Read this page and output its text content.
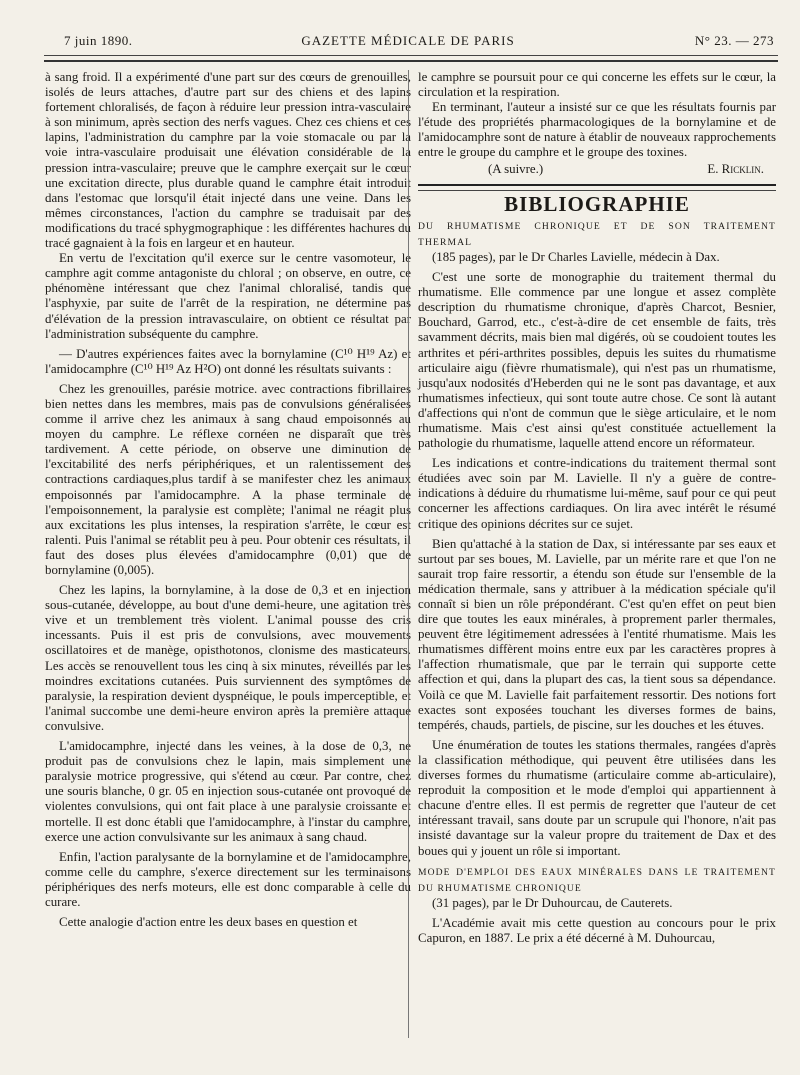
7 juin 1890.	GAZETTE MÉDICALE DE PARIS	N° 23. — 273

à sang froid. Il a expérimenté d'une part sur des cœurs de grenouilles, isolés de leurs attaches, d'autre part sur des chiens et des lapins fortement chloralisés, de façon à réduire leur pression intra-vasculaire à son minimum, après section des nerfs vagues. Chez ces chiens et ces lapins, l'administration du camphre par la voie stomacale ou par la voie intra-vasculaire produisait une élévation considérable de la pression intra-vasculaire; preuve que le camphre exerçait sur le cœur une excitation directe, plus durable quand le camphre était introduit dans l'estomac que lorsqu'il était injecté dans une veine. Dans les mêmes circonstances, l'action du camphre se traduisait par des modifications du tracé sphygmographique : les différentes hachures du tracé gagnaient à la fois en largeur et en hauteur.

En vertu de l'excitation qu'il exerce sur le centre vasomoteur, le camphre agit comme antagoniste du chloral ; on observe, en outre, ce phénomène intéressant que chez l'animal chloralisé, tandis que l'asphyxie, par suite de l'arrêt de la respiration, ne détermine pas d'élévation de la pression intravasculaire, on obtient ce résultat par l'administration subséquente du camphre.

— D'autres expériences faites avec la bornylamine (C¹⁰ H¹⁹ Az) et l'amidocamphre (C¹⁰ H¹⁹ Az H²O) ont donné les résultats suivants :

Chez les grenouilles, parésie motrice. avec contractions fibrillaires bien nettes dans les membres, mais pas de convulsions généralisées comme il arrive chez les animaux à sang chaud empoisonnés au moyen du camphre. Le réflexe cornéen ne disparaît que très tardivement. A cette période, on observe une diminution de l'excitabilité des nerfs périphériques, et un ralentissement des contractions cardiaques,plus tardif à se manifester chez les animaux empoisonnés par l'amidocamphre. A la phase terminale de l'empoisonnement, la paralysie est complète; l'animal ne réagit plus aux excitations les plus intenses, la respiration s'arrête, le cœur est ralenti. Puis l'animal se rétablit peu à peu. Pour obtenir ces résultats, il faut des doses plus élevées d'amidocamphre (0,01) que de bornylamine (0,005).

Chez les lapins, la bornylamine, à la dose de 0,3 et en injection sous-cutanée, développe, au bout d'une demi-heure, une agitation très vive et un tremblement très violent. L'animal pousse des cris incessants. Puis il est pris de convulsions, avec mouvements oscillatoires et de manège, opisthotonos, clonisme des masticateurs. Les accès se renouvellent tous les cinq à six minutes, réveillés par les moindres excitations cutanées. Puis surviennent des symptômes de paralysie, la respiration devient dyspnéique, le pouls imperceptible, et l'animal succombe une demi-heure environ après la première attaque convulsive.

L'amidocamphre, injecté dans les veines, à la dose de 0,3, ne produit pas de convulsions chez le lapin, mais simplement une paralysie motrice progressive, qui s'étend au cœur. Par contre, chez une souris blanche, 0 gr. 05 en injection sous-cutanée ont provoqué de violentes convulsions, qui ont fait place à une paralysie croissante et mortelle. Il est donc établi que l'amidocamphre, à l'instar du camphre, exerce une action convulsivante sur les animaux à sang chaud.

Enfin, l'action paralysante de la bornylamine et de l'amidocamphre, comme celle du camphre, s'exerce directement sur les terminaisons périphériques des nerfs moteurs, elle est donc comparable à celle du curare.

Cette analogie d'action entre les deux bases en question et

le camphre se poursuit pour ce qui concerne les effets sur le cœur, la circulation et la respiration.

En terminant, l'auteur a insisté sur ce que les résultats fournis par l'étude des propriétés pharmacologiques de la bornylamine et de l'amidocamphre sont de nature à établir de nouveaux rapprochements entre le groupe du camphre et le groupe des toxines.

(A suivre.)	E. Ricklin.
BIBLIOGRAPHIE

DU RHUMATISME CHRONIQUE ET DE SON TRAITEMENT THERMAL

(185 pages), par le Dr Charles Lavielle, médecin à Dax.

C'est une sorte de monographie du traitement thermal du rhumatisme. Elle commence par une longue et assez complète description du rhumatisme chronique, d'après Charcot, Besnier, Bouchard, Garrod, etc., c'est-à-dire de cet ensemble de faits, très savamment décrits, mais bien mal digérés, où se coudoient toutes les arthrites et péri-arthrites possibles, depuis les suites du rhumatisme articulaire aigu (fièvre rhumatismale), qui n'est pas un rhumatisme, jusqu'aux nodosités d'Heberden qui ne le sont pas davantage, et aux rhumatismes infectieux, qui sont toute autre chose. Ce sont là autant d'affections qui n'ont de commun que le siège articulaire, et le nom rhumatisme. Mais c'est ainsi qu'est constituée actuellement la pathologie du rhumatisme, laquelle attend encore un réformateur.

Les indications et contre-indications du traitement thermal sont étudiées avec soin par M. Lavielle. Il n'y a guère de contre-indications à déduire du rhumatisme lui-même, sauf pour ce qui peut concerner les affections cardiaques. On lira avec intérêt le résumé critique des opinions décrites sur ce sujet.

Bien qu'attaché à la station de Dax, si intéressante par ses eaux et surtout par ses boues, M. Lavielle, par un mérite rare et que l'on ne saurait trop faire ressortir, a étendu son étude sur l'ensemble de la médication thermale, sans y attribuer à la médication spéciale qu'il connaît si bien un rôle prépondérant. C'est qu'en effet on peut bien dire que toutes les eaux minérales, à proprement parler thermales, peuvent être légitimement adressées à l'entité rhumatisme. Mais les rhumatismes diffèrent moins entre eux par les caractères propres à l'affection rhumatismale, que par le terrain qui supporte cette affection et qui, dans la plupart des cas, la tient sous sa dépendance. Voilà ce que M. Lavielle fait parfaitement ressortir. Des notions fort exactes sont exposées touchant les diverses formes de bains, tempérés, chauds, partiels, de piscine, sur les douches et les étuves.

Une énumération de toutes les stations thermales, rangées d'après la classification méthodique, qui peuvent être utilisées dans les diverses formes du rhumatisme (articulaire comme ab-articulaire), reproduit la composition et le mode d'emploi qui appartiennent à chacune d'entre elles. Il est permis de regretter que l'auteur de cet intéressant travail, sans doute par un scrupule qui l'honore, n'ait pas insisté davantage sur la valeur propre du traitement de Dax et des boues qui y jouent un rôle si important.

MODE D'EMPLOI DES EAUX MINÉRALES DANS LE TRAITEMENT DU RHUMATISME CHRONIQUE

(31 pages), par le Dr Duhourcau, de Cauterets.

L'Académie avait mis cette question au concours pour le prix Capuron, en 1887. Le prix a été décerné à M. Duhourcau,
